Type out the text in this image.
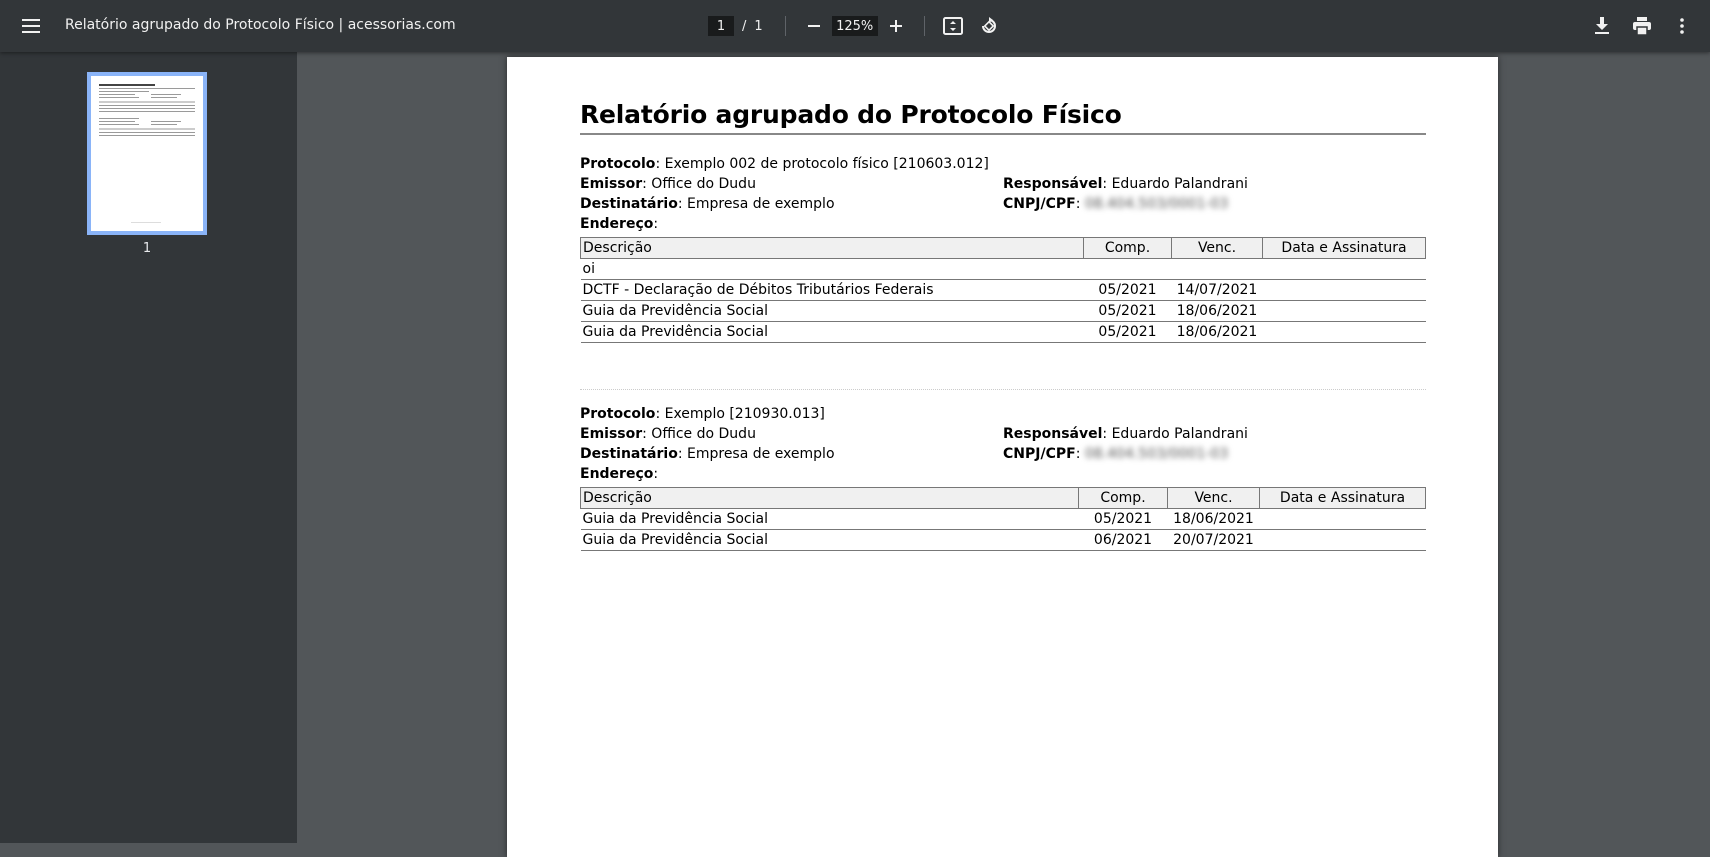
Relatório agrupado do Protocolo Físico | acessorias.com
1	/ 1
125%
1
Relatório agrupado do Protocolo Físico
Protocolo: Exemplo 002 de protocolo físico [210603.012]
Emissor: Office do Dudu	Responsável: Eduardo Palandrani
Destinatário: Empresa de exemplo	CNPJ/CPF: 08.404.503/0001-03
Endereço:
Descrição	Comp.	Venc.	Data e Assinatura
oi			
DCTF - Declaração de Débitos Tributários Federais	05/2021	14/07/2021	
Guia da Previdência Social	05/2021	18/06/2021	
Guia da Previdência Social	05/2021	18/06/2021	
Protocolo: Exemplo [210930.013]
Emissor: Office do Dudu	Responsável: Eduardo Palandrani
Destinatário: Empresa de exemplo	CNPJ/CPF: 08.404.503/0001-03
Endereço:
Descrição	Comp.	Venc.	Data e Assinatura
Guia da Previdência Social	05/2021	18/06/2021	
Guia da Previdência Social	06/2021	20/07/2021	
